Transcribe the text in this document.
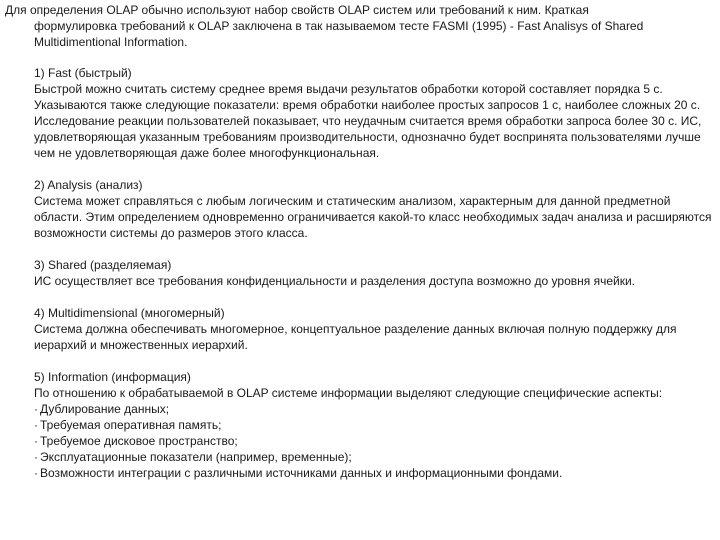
Для определения OLAP обычно используют набор свойств OLAP систем или требований к ним. Краткая
формулировка требований к OLAP заключена в так называемом тесте FASMI (1995) - Fast Analisys of Shared Multidimentional Information.

1) Fast (быстрый)
Быстрой можно считать систему среднее время выдачи результатов обработки которой составляет порядка 5 с. Указываются также следующие показатели: время обработки наиболее простых запросов 1 с, наиболее сложных 20 с. Исследование реакции пользователей показывает, что неудачным считается время обработки запроса более 30 с. ИС, удовлетворяющая указанным требованиям производительности, однозначно будет воспринята пользователями лучше чем не удовлетворяющая даже более многофункциональная.
2) Analysis (анализ)
Система может справляться с любым логическим и статическим анализом, характерным для данной предметной области. Этим определением одновременно ограничивается какой-то класс необходимых задач анализа и расширяются возможности системы до размеров этого класса.
3) Shared (разделяемая)
ИС осуществляет все требования конфиденциальности и разделения доступа возможно до уровня ячейки.
4) Multidimensional (многомерный)
Система должна обеспечивать многомерное, концептуальное разделение данных включая полную поддержку для иерархий и множественных иерархий.
5) Information (информация)
По отношению к обрабатываемой в OLAP системе информации выделяют следующие специфические аспекты:
· Дублирование данных;
· Требуемая оперативная память;
· Требуемое дисковое пространство;
· Эксплуатационные показатели (например, временные);
· Возможности интеграции с различными источниками данных и информационными фондами.
